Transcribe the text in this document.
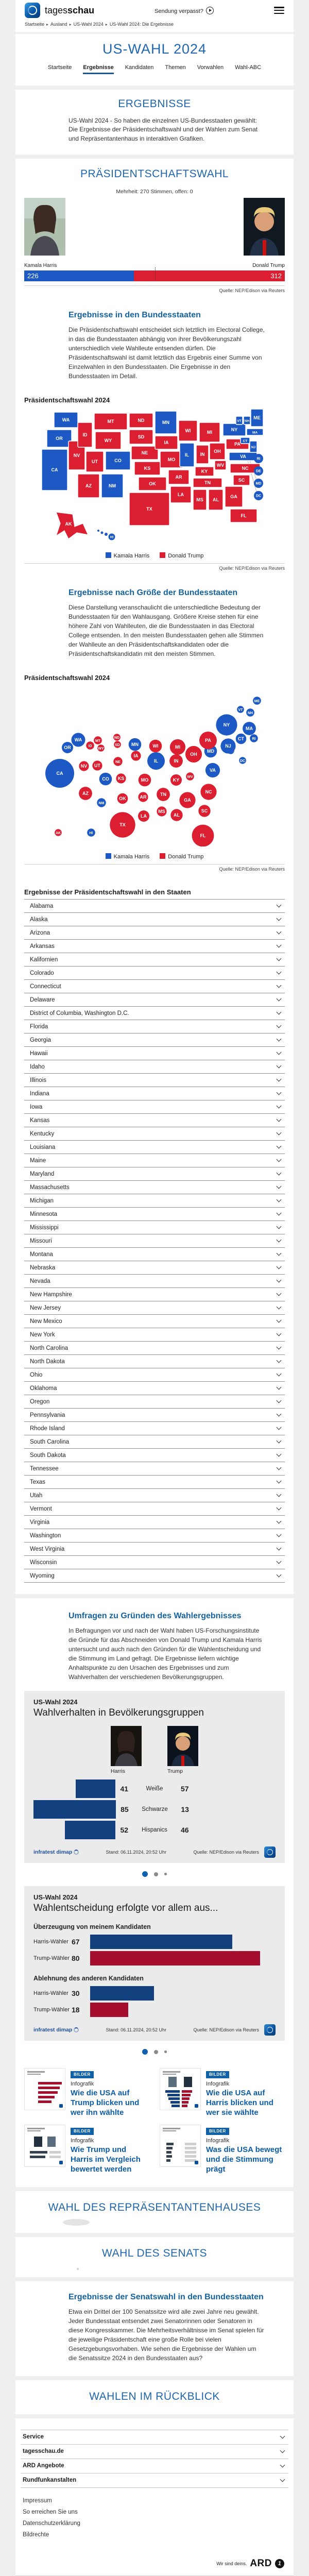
tagesschau	Sendung verpasst?
Startseite ▸ Ausland ▸ US-Wahl 2024 ▸ US-Wahl 2024: Die Ergebnisse
US-WAHL 2024
Startseite Ergebnisse Kandidaten Themen Vorwahlen Wahl-ABC
ERGEBNISSE

US-Wahl 2024 - So haben die einzelnen US-Bundesstaaten gewählt: Die Ergebnisse der Präsidentschaftswahl und der Wahlen zum Senat und Repräsentantenhaus in interaktiven Grafiken.

PRÄSIDENTSCHAFTSWAHL
Mehrheit: 270 Stimmen, offen: 0
Kamala Harris	Donald Trump
226	312
Quelle: NEP/Edison via Reuters
Ergebnisse in den Bundesstaaten

Die Präsidentschaftswahl entscheidet sich letztlich im Electoral College, in das die Bundesstaaten abhängig von ihrer Bevölkerungszahl unterschiedlich viele Wahlleute entsenden dürfen. Die Präsidentschaftswahl ist damit letztlich das Ergebnis einer Summe von Einzelwahlen in den Bundesstaaten. Die Ergebnisse in den Bundesstaaten im Detail.

Präsidentschaftswahl 2024
WA
OR
CA
NV
ID
UT
AZ
MT
WY
CO
NM
ND
SD
NE
KS
OK
TX
MN
IA
MO
AR
LA
WI
IL IN
MI
OH
KY
TN
MS AL
GA
FL
SC
NC
VA
WV
PA
NY
NJ
ME
VT NH
MA
CT
RI
DE
MD
DC
AK
HI
Kamala Harris	Donald Trump
Quelle: NEP/Edison via Reuters
Ergebnisse nach Größe der Bundesstaaten

Diese Darstellung veranschaulicht die unterschiedliche Bedeutung der Bundesstaaten für den Wahlausgang. Größere Kreise stehen für eine höhere Zahl von Wahlleuten, die die Bundesstaaten in das Electoral College entsenden. In den meisten Bundesstaaten gehen alle Stimmen der Wahlleute an den Präsidentschaftskandidaten oder die Präsidentschaftskandidatin mit den meisten Stimmen.

Präsidentschaftswahl 2024
AL
AK
AZ
AR
CA
CO
CT
DC
FL
GA
HI
ID
IL	IN
IA
KS	KY
LA
ME
MD
MA
MI
MN
MS
MO
MT
NE
NV
NH
NJ
NM
NY
NC
ND
OH
OK
OR
PA	RI
SC
SD
TN
TX
UT
VT
VA
WA
WV
WI
WY
Kamala Harris	Donald Trump
Quelle: NEP/Edison via Reuters
Ergebnisse der Präsidentschaftswahl in den Staaten
Alabama
Alaska
Arizona
Arkansas
Kalifornien
Colorado
Connecticut
Delaware
District of Columbia, Washington D.C.
Florida
Georgia
Hawaii
Idaho
Illinois
Indiana
Iowa
Kansas
Kentucky
Louisiana
Maine
Maryland
Massachusetts
Michigan
Minnesota
Mississippi
Missouri
Montana
Nebraska
Nevada
New Hampshire
New Jersey
New Mexico
New York
North Carolina
North Dakota
Ohio
Oklahoma
Oregon
Pennsylvania
Rhode Island
South Carolina
South Dakota
Tennessee
Texas
Utah
Vermont
Virginia
Washington
West Virginia
Wisconsin
Wyoming
Umfragen zu Gründen des Wahlergebnisses

In Befragungen vor und nach der Wahl haben US-Forschungsinstitute die Gründe für das Abschneiden von Donald Trump und Kamala Harris untersucht und auch nach den Gründen für die Wahlentscheidung und die Stimmung im Land gefragt. Die Ergebnisse liefern wichtige Anhaltspunkte zu den Ursachen des Ergebnisses und zum Wahlverhalten der verschiedenen Bevölkerungsgruppen.

US-Wahl 2024
Wahlverhalten in Bevölkerungsgruppen
Harris	Trump
41	Weiße	57
85	Schwarze	13
52	Hispanics	46
infratest dimap	Stand: 06.11.2024, 20:52 Uhr	Quelle: NEP/Edison via Reuters
US-Wahl 2024
Wahlentscheidung erfolgte vor allem aus...
Überzeugung von meinem Kandidaten
Harris-Wähler 67
Trump-Wähler 80
Ablehnung des anderen Kandidaten
Harris-Wähler 30
Trump-Wähler 18
infratest dimap	Stand: 06.11.2024, 20:52 Uhr	Quelle: NEP/Edison via Reuters
BILDER
Infografik
Wie die USA auf Trump blicken und wer ihn wählte
BILDER
Infografik
Wie die USA auf Harris blicken und wer sie wählte
BILDER
Infografik
Wie Trump und Harris im Vergleich bewertet werden
BILDER
Infografik
Was die USA bewegt und die Stimmung prägt
WAHL DES REPRÄSENTANTENHAUSES
WAHL DES SENATS
Ergebnisse der Senatswahl in den Bundesstaaten

Etwa ein Drittel der 100 Senatssitze wird alle zwei Jahre neu gewählt. Jeder Bundesstaat entsendet zwei Senatorinnen oder Senatoren in diese Kongresskammer. Die Mehrheitsverhältnisse im Senat spielen für die jeweilige Präsidentschaft eine große Rolle bei vielen Gesetzgebungsvorhaben. Wie sehen die Ergebnisse der Wahlen um die Senatssitze 2024 in den Bundesstaaten aus?

WAHLEN IM RÜCKBLICK
Service
tagesschau.de
ARD Angebote
Rundfunkanstalten
Impressum
So erreichen Sie uns
Datenschutzerklärung
Bildrechte
Wir sind deins. ARD	1
